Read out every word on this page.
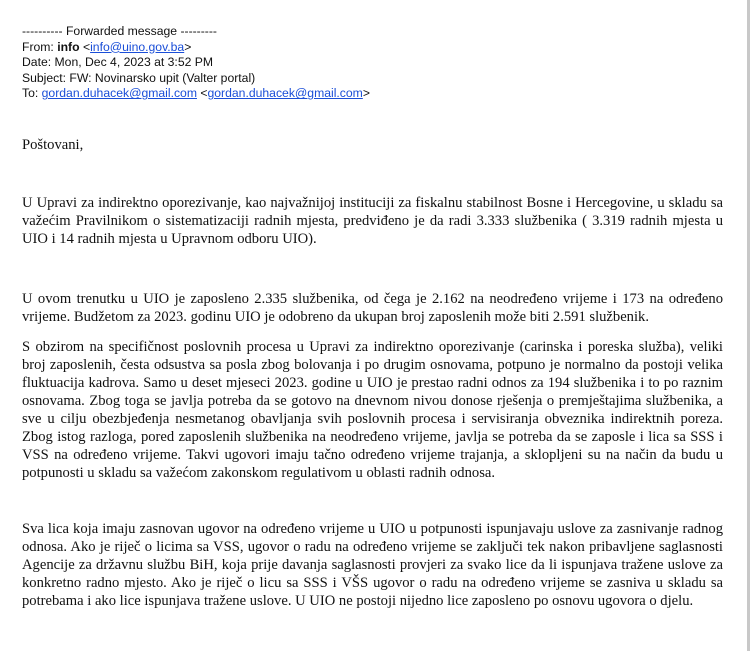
---------- Forwarded message ---------
From: info <info@uino.gov.ba>
Date: Mon, Dec 4, 2023 at 3:52 PM
Subject: FW: Novinarsko upit (Valter portal)
To: gordan.duhacek@gmail.com <gordan.duhacek@gmail.com>

Poštovani,

U Upravi za indirektno oporezivanje, kao najvažnijoj instituciji za fiskalnu stabilnost Bosne i Hercegovine, u skladu sa važećim Pravilnikom o sistematizaciji radnih mjesta, predviđeno je da radi 3.333 službenika ( 3.319 radnih mjesta u UIO i 14 radnih mjesta u Upravnom odboru UIO).

U ovom trenutku u UIO je zaposleno 2.335 službenika, od čega je 2.162 na neodređeno vrijeme i 173 na određeno vrijeme. Budžetom za 2023. godinu UIO je odobreno da ukupan broj zaposlenih može biti 2.591 službenik.

S obzirom na specifičnost poslovnih procesa u Upravi za indirektno oporezivanje (carinska i poreska služba), veliki broj zaposlenih, česta odsustva sa posla zbog bolovanja i po drugim osnovama, potpuno je normalno da postoji velika fluktuacija kadrova. Samo u deset mjeseci 2023. godine u UIO je prestao radni odnos za 194 službenika i to po raznim osnovama. Zbog toga se javlja potreba da se gotovo na dnevnom nivou donose rješenja o premještajima službenika, a sve u cilju obezbjeđenja nesmetanog obavljanja svih poslovnih procesa i servisiranja obveznika indirektnih poreza. Zbog istog razloga, pored zaposlenih službenika na neodređeno vrijeme, javlja se potreba da se zaposle i lica sa SSS i VSS na određeno vrijeme. Takvi ugovori imaju tačno određeno vrijeme trajanja, a sklopljeni su na način da budu u potpunosti u skladu sa važećom zakonskom regulativom u oblasti radnih odnosa.

Sva lica koja imaju zasnovan ugovor na određeno vrijeme u UIO u potpunosti ispunjavaju uslove za zasnivanje radnog odnosa. Ako je riječ o licima sa VSS, ugovor o radu na određeno vrijeme se zaključi tek nakon pribavljene saglasnosti Agencije za državnu službu BiH, koja prije davanja saglasnosti provjeri za svako lice da li ispunjava tražene uslove za konkretno radno mjesto. Ako je riječ o licu sa SSS i VŠS ugovor o radu na određeno vrijeme se zasniva u skladu sa potrebama i ako lice ispunjava tražene uslove. U UIO ne postoji nijedno lice zaposleno po osnovu ugovora o djelu.
